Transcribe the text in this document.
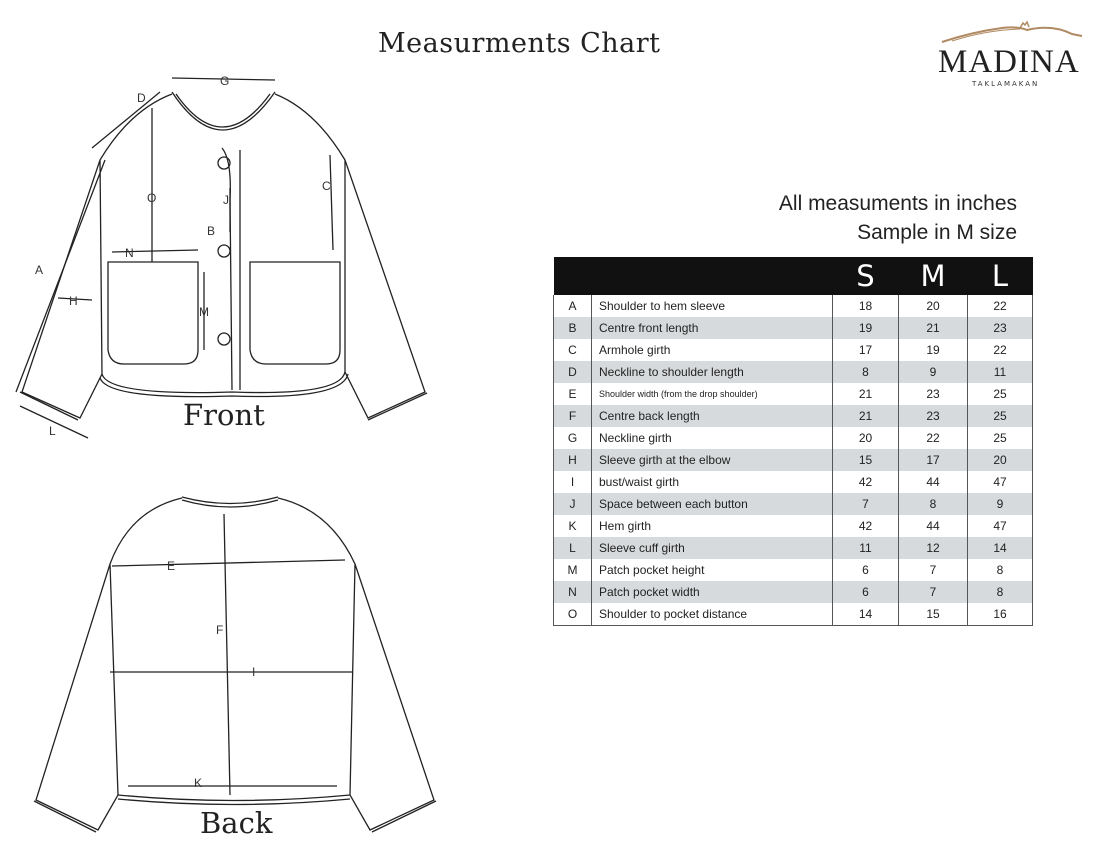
Measurments Chart
MADINA
TAKLAMAKAN
All measuments in inches
Sample in M size
G
D
C
O	J
B
N
A
H
M
L	Front
E
F
I
K
Back
		S	M	L
A	Shoulder to hem sleeve	18	20	22
B	Centre front length	19	21	23
C	Armhole girth	17	19	22
D	Neckline to shoulder length	8	9	11
E	Shoulder width (from the drop shoulder)	21	23	25
F	Centre back length	21	23	25
G	Neckline girth	20	22	25
H	Sleeve girth at the elbow	15	17	20
I	bust/waist girth	42	44	47
J	Space between each button	7	8	9
K	Hem girth	42	44	47
L	Sleeve cuff girth	11	12	14
M	Patch pocket height	6	7	8
N	Patch pocket width	6	7	8
O	Shoulder to pocket distance	14	15	16
